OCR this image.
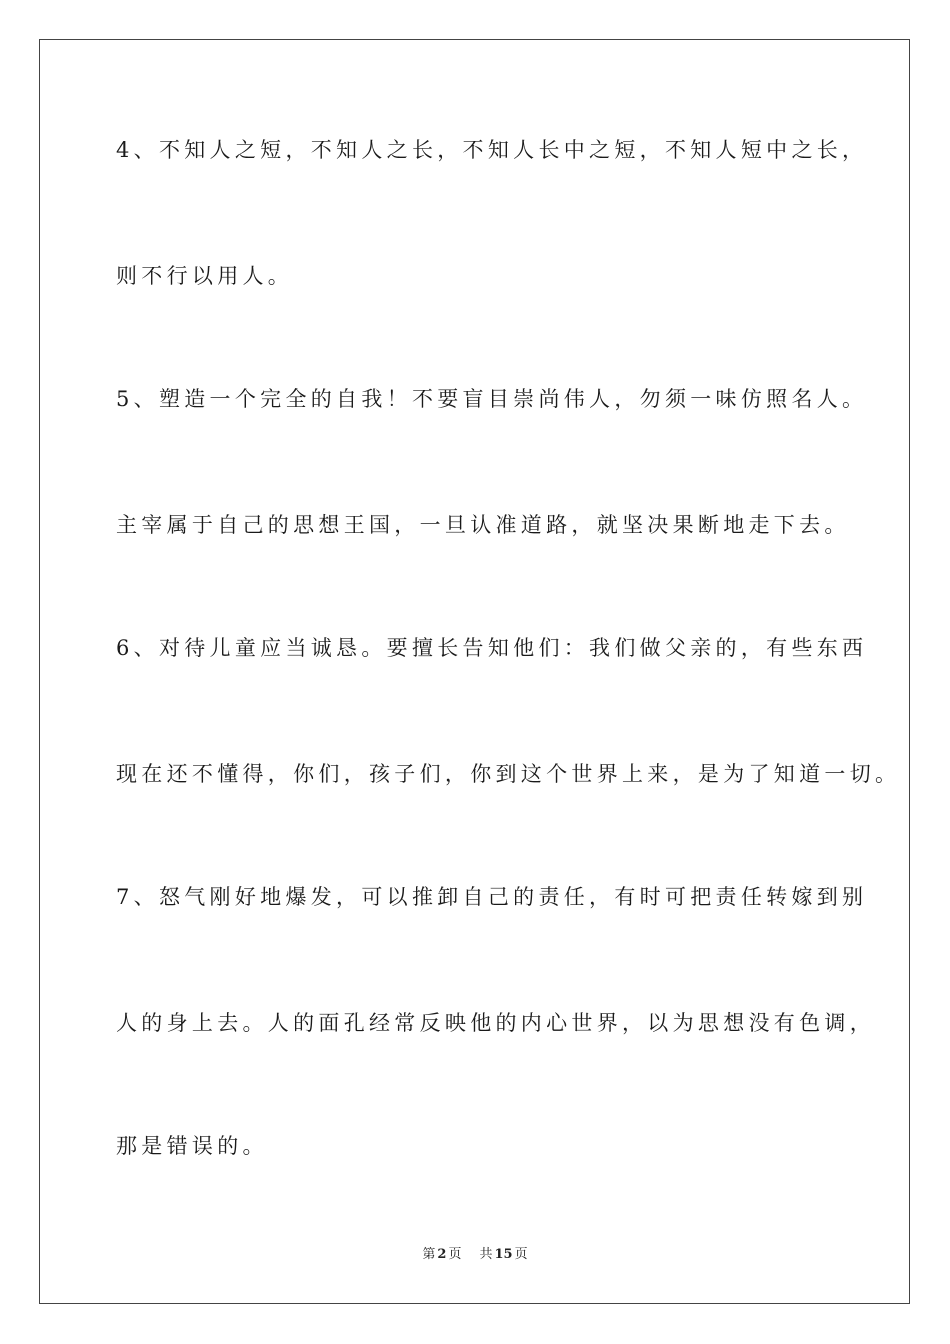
4、不知人之短，不知人之长，不知人长中之短，不知人短中之长，

则不行以用人。

5、塑造一个完全的自我！不要盲目崇尚伟人，勿须一味仿照名人。

主宰属于自己的思想王国，一旦认准道路，就坚决果断地走下去。

6、对待儿童应当诚恳。要擅长告知他们：我们做父亲的，有些东西

现在还不懂得，你们，孩子们，你到这个世界上来，是为了知道一切。

7、怒气刚好地爆发，可以推卸自己的责任，有时可把责任转嫁到别

人的身上去。人的面孔经常反映他的内心世界，以为思想没有色调，

那是错误的。

第 2 页 共 15 页
